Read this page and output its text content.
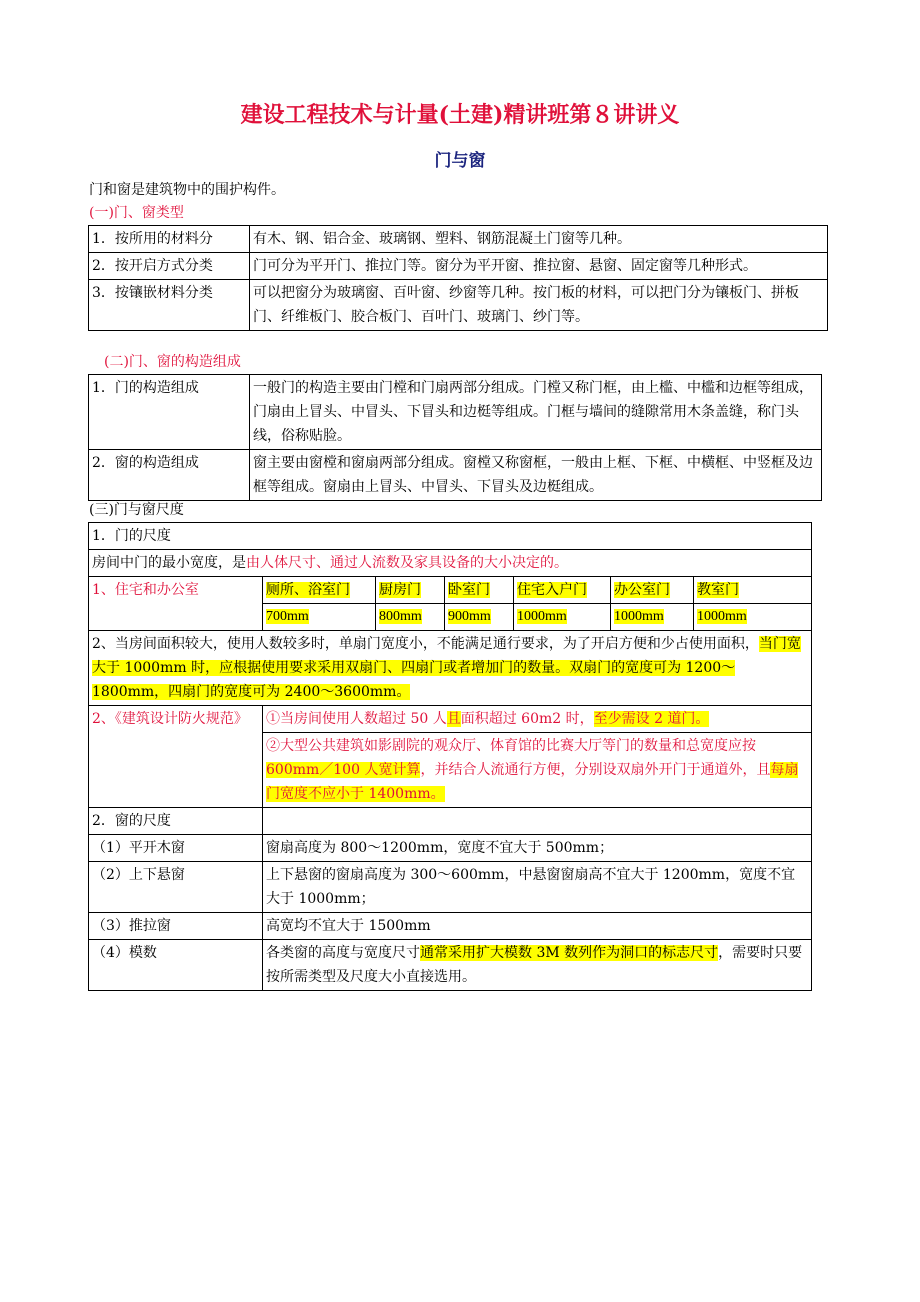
建设工程技术与计量(土建)精讲班第８讲讲义
门与窗
门和窗是建筑物中的围护构件。
(一)门、窗类型
1．按所用的材料分	有木、钢、铝合金、玻璃钢、塑料、钢筋混凝土门窗等几种。
2．按开启方式分类	门可分为平开门、推拉门等。窗分为平开窗、推拉窗、悬窗、固定窗等几种形式。
3．按镶嵌材料分类	可以把窗分为玻璃窗、百叶窗、纱窗等几种。按门板的材料，可以把门分为镶板门、拼板门、纤维板门、胶合板门、百叶门、玻璃门、纱门等。
(二)门、窗的构造组成
1．门的构造组成	一般门的构造主要由门樘和门扇两部分组成。门樘又称门框，由上槛、中槛和边框等组成，门扇由上冒头、中冒头、下冒头和边梃等组成。门框与墙间的缝隙常用木条盖缝，称门头线，俗称贴脸。
2．窗的构造组成	窗主要由窗樘和窗扇两部分组成。窗樘又称窗框，一般由上框、下框、中横框、中竖框及边框等组成。窗扇由上冒头、中冒头、下冒头及边梃组成。
(三)门与窗尺度
1．门的尺度						
房间中门的最小宽度，是由人体尺寸、通过人流数及家具设备的大小决定的。						
1、住宅和办公室	厕所、浴室门	厨房门	卧室门	住宅入户门	办公室门	教室门
	700mm	800mm	900mm	1000mm	1000mm	1000mm
2、当房间面积较大，使用人数较多时，单扇门宽度小，不能满足通行要求，为了开启方便和少占使用面积，当门宽大于 1000mm 时，应根据使用要求采用双扇门、四扇门或者增加门的数量。双扇门的宽度可为 1200～1800mm，四扇门的宽度可为 2400～3600mm。						
2、《建筑设计防火规范》	①当房间使用人数超过 50 人且面积超过 60m2 时，至少需设 2 道门。					
	②大型公共建筑如影剧院的观众厅、体育馆的比赛大厅等门的数量和总宽度应按600mm／100 人宽计算，并结合人流通行方便，分别设双扇外开门于通道外，且每扇门宽度不应小于 1400mm。					
2．窗的尺度						
（1）平开木窗	窗扇高度为 800～1200mm，宽度不宜大于 500mm；					
（2）上下悬窗	上下悬窗的窗扇高度为 300～600mm，中悬窗窗扇高不宜大于 1200mm，宽度不宜大于 1000mm；					
（3）推拉窗	高宽均不宜大于 1500mm					
（4）模数	各类窗的高度与宽度尺寸通常采用扩大模数 3M 数列作为洞口的标志尺寸，需要时只要按所需类型及尺度大小直接选用。					
